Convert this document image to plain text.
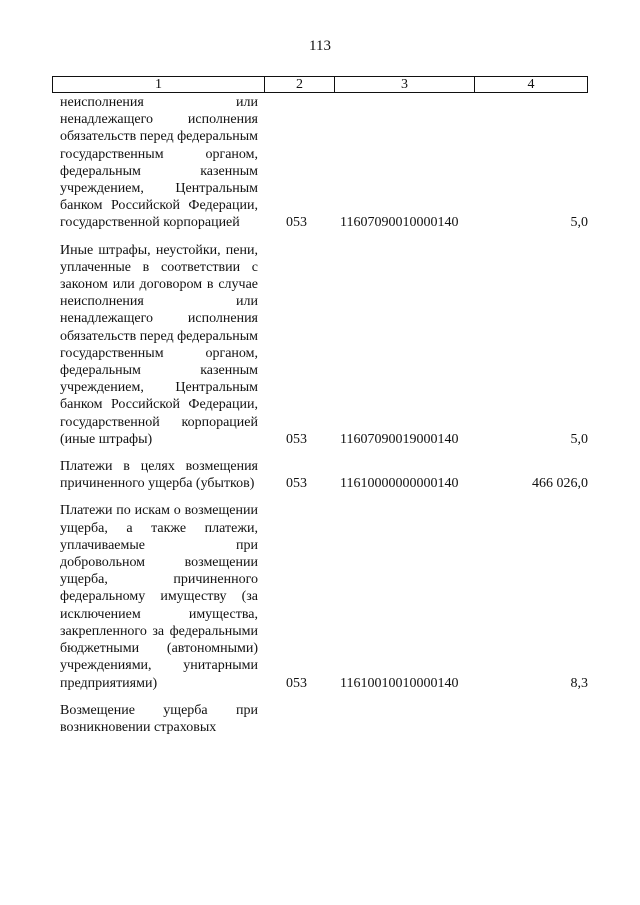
113
1	2	3	4
неисполнения или ненадлежащего исполнения обязательств перед федеральным государственным органом, федеральным казенным учреждением, Центральным банком Российской Федерации, государственной корпорацией	053 11607090010000140	5,0
Иные штрафы, неустойки, пени, уплаченные в соответствии с законом или договором в случае неисполнения или ненадлежащего исполнения обязательств перед федеральным государственным органом, федеральным казенным учреждением, Центральным банком Российской Федерации, государственной корпорацией (иные штрафы)	053 11607090019000140	5,0
Платежи в целях возмещения причиненного ущерба (убытков) 053 11610000000000140	466 026,0
Платежи по искам о возмещении ущерба, а также платежи, уплачиваемые при добровольном возмещении ущерба, причиненного федеральному имуществу (за исключением имущества, закрепленного за федеральными бюджетными (автономными) учреждениями, унитарными предприятиями)	053 11610010010000140	8,3
Возмещение ущерба при возникновении страховых
